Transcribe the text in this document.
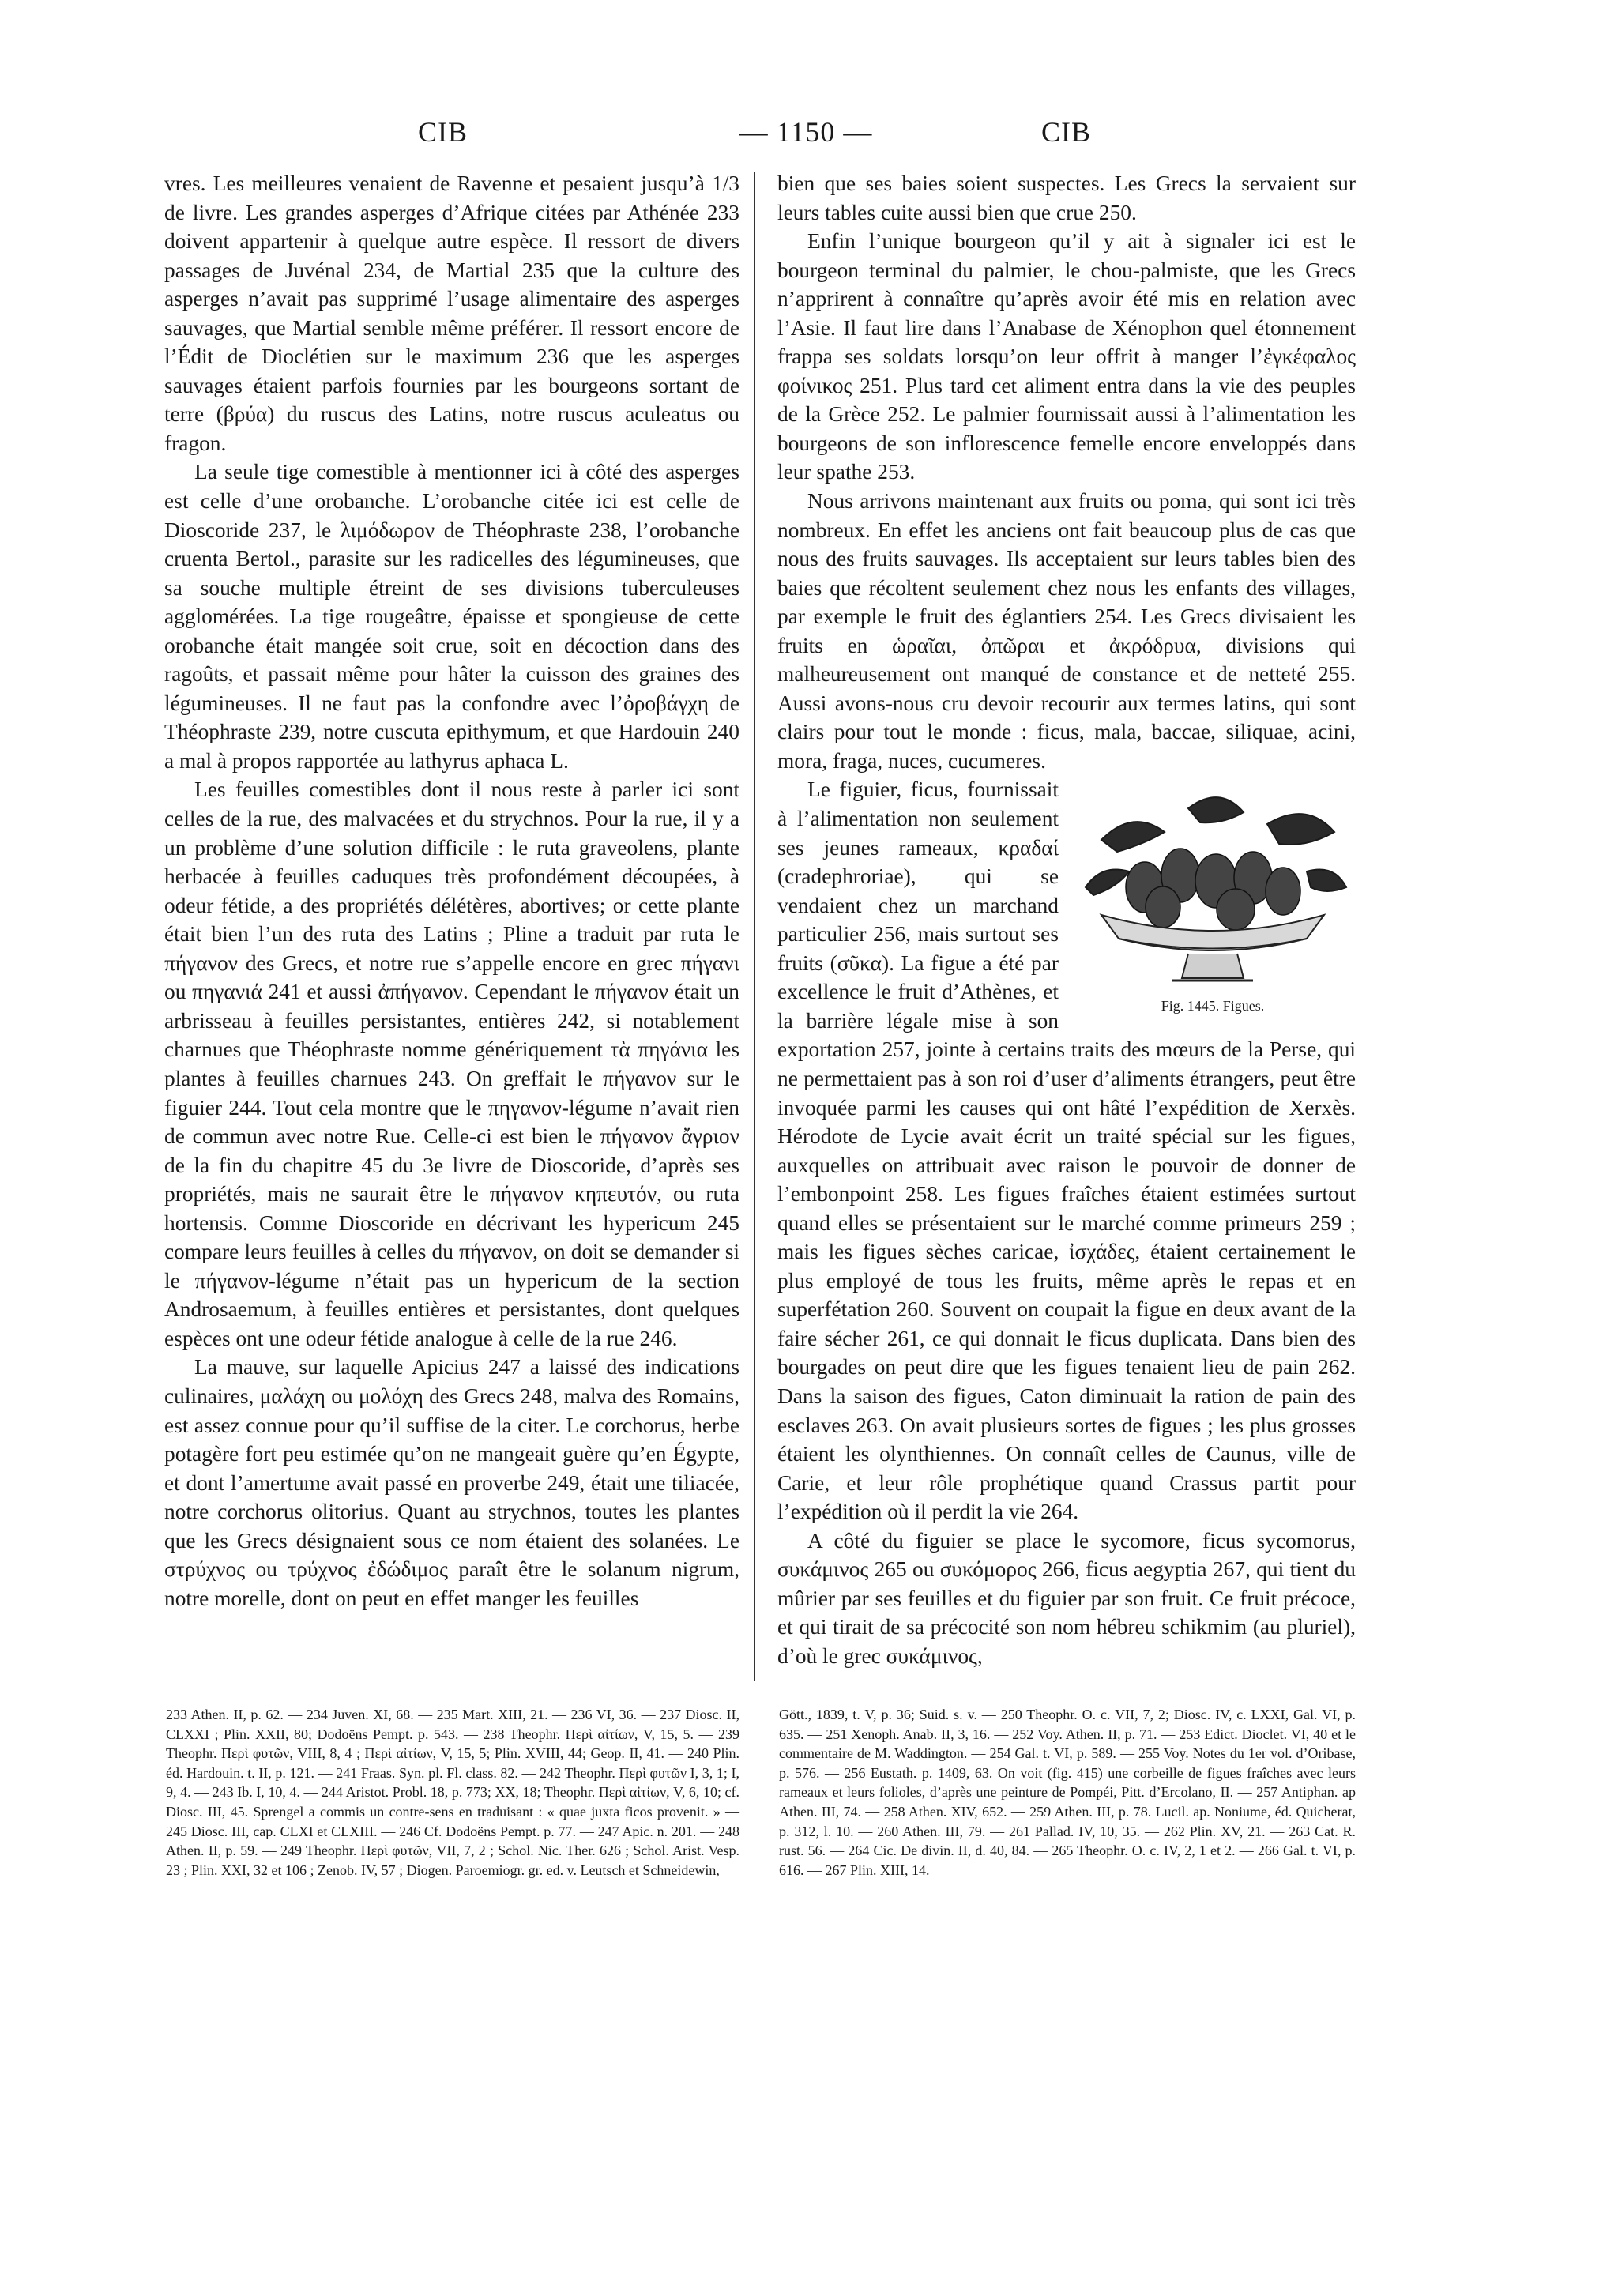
CIB	— 1150 —	CIB

vres. Les meilleures venaient de Ravenne et pesaient jusqu’à 1/3 de livre. Les grandes asperges d’Afrique citées par Athénée 233 doivent appartenir à quelque autre espèce. Il ressort de divers passages de Juvénal 234, de Martial 235 que la culture des asperges n’avait pas supprimé l’usage alimentaire des asperges sauvages, que Martial semble même préférer. Il ressort encore de l’Édit de Dioclétien sur le maximum 236 que les asperges sauvages étaient parfois fournies par les bourgeons sortant de terre (βρύα) du ruscus des Latins, notre ruscus aculeatus ou fragon.

La seule tige comestible à mentionner ici à côté des asperges est celle d’une orobanche. L’orobanche citée ici est celle de Dioscoride 237, le λιμόδωρον de Théophraste 238, l’orobanche cruenta Bertol., parasite sur les radicelles des légumineuses, que sa souche multiple étreint de ses divisions tuberculeuses agglomérées. La tige rougeâtre, épaisse et spongieuse de cette orobanche était mangée soit crue, soit en décoction dans des ragoûts, et passait même pour hâter la cuisson des graines des légumineuses. Il ne faut pas la confondre avec l’ὀροβάγχη de Théophraste 239, notre cuscuta epithymum, et que Hardouin 240 a mal à propos rapportée au lathyrus aphaca L.

Les feuilles comestibles dont il nous reste à parler ici sont celles de la rue, des malvacées et du strychnos. Pour la rue, il y a un problème d’une solution difficile : le ruta graveolens, plante herbacée à feuilles caduques très profondément découpées, à odeur fétide, a des propriétés délétères, abortives; or cette plante était bien l’un des ruta des Latins ; Pline a traduit par ruta le πήγανον des Grecs, et notre rue s’appelle encore en grec πήγανι ou πηγανιά 241 et aussi ἀπήγανον. Cependant le πήγανον était un arbrisseau à feuilles persistantes, entières 242, si notablement charnues que Théophraste nomme génériquement τὰ πηγάνια les plantes à feuilles charnues 243. On greffait le πήγανον sur le figuier 244. Tout cela montre que le πηγανον-légume n’avait rien de commun avec notre Rue. Celle-ci est bien le πήγανον ἄγριον de la fin du chapitre 45 du 3e livre de Dioscoride, d’après ses propriétés, mais ne saurait être le πήγανον κηπευτόν, ou ruta hortensis. Comme Dioscoride en décrivant les hypericum 245 compare leurs feuilles à celles du πήγανον, on doit se demander si le πήγανον-légume n’était pas un hypericum de la section Androsaemum, à feuilles entières et persistantes, dont quelques espèces ont une odeur fétide analogue à celle de la rue 246.

La mauve, sur laquelle Apicius 247 a laissé des indications culinaires, μαλάχη ou μολόχη des Grecs 248, malva des Romains, est assez connue pour qu’il suffise de la citer. Le corchorus, herbe potagère fort peu estimée qu’on ne mangeait guère qu’en Égypte, et dont l’amertume avait passé en proverbe 249, était une tiliacée, notre corchorus olitorius. Quant au strychnos, toutes les plantes que les Grecs désignaient sous ce nom étaient des solanées. Le στρύχνος ou τρύχνος ἐδώδιμος paraît être le solanum nigrum, notre morelle, dont on peut en effet manger les feuilles

bien que ses baies soient suspectes. Les Grecs la servaient sur leurs tables cuite aussi bien que crue 250.

Enfin l’unique bourgeon qu’il y ait à signaler ici est le bourgeon terminal du palmier, le chou-palmiste, que les Grecs n’apprirent à connaître qu’après avoir été mis en relation avec l’Asie. Il faut lire dans l’Anabase de Xénophon quel étonnement frappa ses soldats lorsqu’on leur offrit à manger l’ἐγκέφαλος φοίνικος 251. Plus tard cet aliment entra dans la vie des peuples de la Grèce 252. Le palmier fournissait aussi à l’alimentation les bourgeons de son inflorescence femelle encore enveloppés dans leur spathe 253.

Nous arrivons maintenant aux fruits ou poma, qui sont ici très nombreux. En effet les anciens ont fait beaucoup plus de cas que nous des fruits sauvages. Ils acceptaient sur leurs tables bien des baies que récoltent seulement chez nous les enfants des villages, par exemple le fruit des églantiers 254. Les Grecs divisaient les fruits en ὡραῖαι, ὀπῶραι et ἀκρόδρυα, divisions qui malheureusement ont manqué de constance et de netteté 255. Aussi avons-nous cru devoir recourir aux termes latins, qui sont clairs pour tout le monde : ficus, mala, baccae, siliquae, acini, mora, fraga, nuces, cucumeres.

Fig. 1445. Figues.

Le figuier, ficus, fournissait à l’alimentation non seulement ses jeunes rameaux, κραδαί (cradephroriae), qui se vendaient chez un marchand particulier 256, mais surtout ses fruits (σῦκα). La figue a été par excellence le fruit d’Athènes, et la barrière légale mise à son exportation 257, jointe à certains traits des mœurs de la Perse, qui ne permettaient pas à son roi d’user d’aliments étrangers, peut être invoquée parmi les causes qui ont hâté l’expédition de Xerxès. Hérodote de Lycie avait écrit un traité spécial sur les figues, auxquelles on attribuait avec raison le pouvoir de donner de l’embonpoint 258. Les figues fraîches étaient estimées surtout quand elles se présentaient sur le marché comme primeurs 259 ; mais les figues sèches caricae, ἰσχάδες, étaient certainement le plus employé de tous les fruits, même après le repas et en superfétation 260. Souvent on coupait la figue en deux avant de la faire sécher 261, ce qui donnait le ficus duplicata. Dans bien des bourgades on peut dire que les figues tenaient lieu de pain 262. Dans la saison des figues, Caton diminuait la ration de pain des esclaves 263. On avait plusieurs sortes de figues ; les plus grosses étaient les olynthiennes. On connaît celles de Caunus, ville de Carie, et leur rôle prophétique quand Crassus partit pour l’expédition où il perdit la vie 264.

A côté du figuier se place le sycomore, ficus sycomorus, συκάμινος 265 ou συκόμορος 266, ficus aegyptia 267, qui tient du mûrier par ses feuilles et du figuier par son fruit. Ce fruit précoce, et qui tirait de sa précocité son nom hébreu schikmim (au pluriel), d’où le grec συκάμινος,

233 Athen. II, p. 62. — 234 Juven. XI, 68. — 235 Mart. XIII, 21. — 236 VI, 36. — 237 Diosc. II, CLXXI ; Plin. XXII, 80; Dodoëns Pempt. p. 543. — 238 Theophr. Περὶ αἰτίων, V, 15, 5. — 239 Theophr. Περὶ φυτῶν, VIII, 8, 4 ; Περὶ αἰτίων, V, 15, 5; Plin. XVIII, 44; Geop. II, 41. — 240 Plin. éd. Hardouin. t. II, p. 121. — 241 Fraas. Syn. pl. Fl. class. 82. — 242 Theophr. Περὶ φυτῶν I, 3, 1; I, 9, 4. — 243 Ib. I, 10, 4. — 244 Aristot. Probl. 18, p. 773; XX, 18; Theophr. Περὶ αἰτίων, V, 6, 10; cf. Diosc. III, 45. Sprengel a commis un contre-sens en traduisant : « quae juxta ficos provenit. » — 245 Diosc. III, cap. CLXI et CLXIII. — 246 Cf. Dodoëns Pempt. p. 77. — 247 Apic. n. 201. — 248 Athen. II, p. 59. — 249 Theophr. Περὶ φυτῶν, VII, 7, 2 ; Schol. Nic. Ther. 626 ; Schol. Arist. Vesp. 23 ; Plin. XXI, 32 et 106 ; Zenob. IV, 57 ; Diogen. Paroemiogr. gr. ed. v. Leutsch et Schneidewin,
Gött., 1839, t. V, p. 36; Suid. s. v. — 250 Theophr. O. c. VII, 7, 2; Diosc. IV, c. LXXI, Gal. VI, p. 635. — 251 Xenoph. Anab. II, 3, 16. — 252 Voy. Athen. II, p. 71. — 253 Edict. Dioclet. VI, 40 et le commentaire de M. Waddington. — 254 Gal. t. VI, p. 589. — 255 Voy. Notes du 1er vol. d’Oribase, p. 576. — 256 Eustath. p. 1409, 63. On voit (fig. 415) une corbeille de figues fraîches avec leurs rameaux et leurs folioles, d’après une peinture de Pompéi, Pitt. d’Ercolano, II. — 257 Antiphan. ap Athen. III, 74. — 258 Athen. XIV, 652. — 259 Athen. III, p. 78. Lucil. ap. Noniume, éd. Quicherat, p. 312, l. 10. — 260 Athen. III, 79. — 261 Pallad. IV, 10, 35. — 262 Plin. XV, 21. — 263 Cat. R. rust. 56. — 264 Cic. De divin. II, d. 40, 84. — 265 Theophr. O. c. IV, 2, 1 et 2. — 266 Gal. t. VI, p. 616. — 267 Plin. XIII, 14.
